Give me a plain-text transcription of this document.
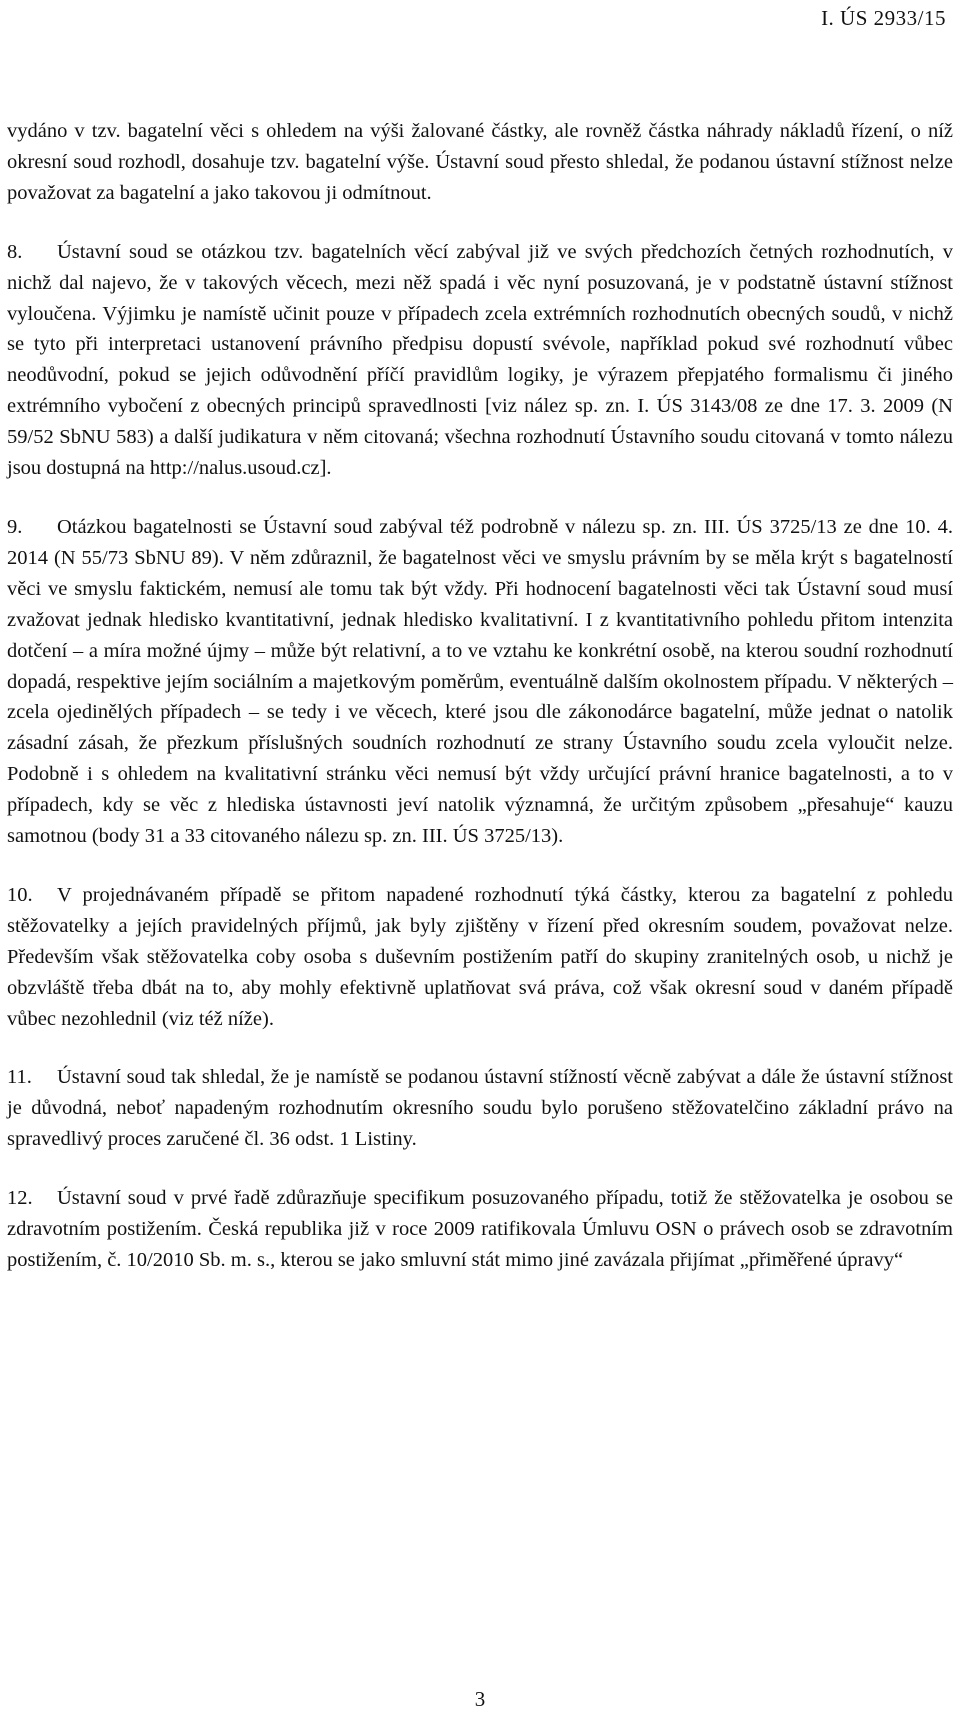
I. ÚS 2933/15

vydáno v tzv. bagatelní věci s ohledem na výši žalované částky, ale rovněž částka náhrady nákladů řízení, o níž okresní soud rozhodl, dosahuje tzv. bagatelní výše. Ústavní soud přesto shledal, že podanou ústavní stížnost nelze považovat za bagatelní a jako takovou ji odmítnout.

8. Ústavní soud se otázkou tzv. bagatelních věcí zabýval již ve svých předchozích četných rozhodnutích, v nichž dal najevo, že v takových věcech, mezi něž spadá i věc nyní posuzovaná, je v podstatně ústavní stížnost vyloučena. Výjimku je namístě učinit pouze v případech zcela extrémních rozhodnutích obecných soudů, v nichž se tyto při interpretaci ustanovení právního předpisu dopustí svévole, například pokud své rozhodnutí vůbec neodůvodní, pokud se jejich odůvodnění příčí pravidlům logiky, je výrazem přepjatého formalismu či jiného extrémního vybočení z obecných principů spravedlnosti [viz nález sp. zn. I. ÚS 3143/08 ze dne 17. 3. 2009 (N 59/52 SbNU 583) a další judikatura v něm citovaná; všechna rozhodnutí Ústavního soudu citovaná v tomto nálezu jsou dostupná na http://nalus.usoud.cz].

9. Otázkou bagatelnosti se Ústavní soud zabýval též podrobně v nálezu sp. zn. III. ÚS 3725/13 ze dne 10. 4. 2014 (N 55/73 SbNU 89). V něm zdůraznil, že bagatelnost věci ve smyslu právním by se měla krýt s bagatelností věci ve smyslu faktickém, nemusí ale tomu tak být vždy. Při hodnocení bagatelnosti věci tak Ústavní soud musí zvažovat jednak hledisko kvantitativní, jednak hledisko kvalitativní. I z kvantitativního pohledu přitom intenzita dotčení – a míra možné újmy – může být relativní, a to ve vztahu ke konkrétní osobě, na kterou soudní rozhodnutí dopadá, respektive jejím sociálním a majetkovým poměrům, eventuálně dalším okolnostem případu. V některých – zcela ojedinělých případech – se tedy i ve věcech, které jsou dle zákonodárce bagatelní, může jednat o natolik zásadní zásah, že přezkum příslušných soudních rozhodnutí ze strany Ústavního soudu zcela vyloučit nelze. Podobně i s ohledem na kvalitativní stránku věci nemusí být vždy určující právní hranice bagatelnosti, a to v případech, kdy se věc z hlediska ústavnosti jeví natolik významná, že určitým způsobem „přesahuje“ kauzu samotnou (body 31 a 33 citovaného nálezu sp. zn. III. ÚS 3725/13).

10. V projednávaném případě se přitom napadené rozhodnutí týká částky, kterou za bagatelní z pohledu stěžovatelky a jejích pravidelných příjmů, jak byly zjištěny v řízení před okresním soudem, považovat nelze. Především však stěžovatelka coby osoba s duševním postižením patří do skupiny zranitelných osob, u nichž je obzvláště třeba dbát na to, aby mohly efektivně uplatňovat svá práva, což však okresní soud v daném případě vůbec nezohlednil (viz též níže).

11. Ústavní soud tak shledal, že je namístě se podanou ústavní stížností věcně zabývat a dále že ústavní stížnost je důvodná, neboť napadeným rozhodnutím okresního soudu bylo porušeno stěžovatelčino základní právo na spravedlivý proces zaručené čl. 36 odst. 1 Listiny.

12. Ústavní soud v prvé řadě zdůrazňuje specifikum posuzovaného případu, totiž že stěžovatelka je osobou se zdravotním postižením. Česká republika již v roce 2009 ratifikovala Úmluvu OSN o právech osob se zdravotním postižením, č. 10/2010 Sb. m. s., kterou se jako smluvní stát mimo jiné zavázala přijímat „přiměřené úpravy“

3
